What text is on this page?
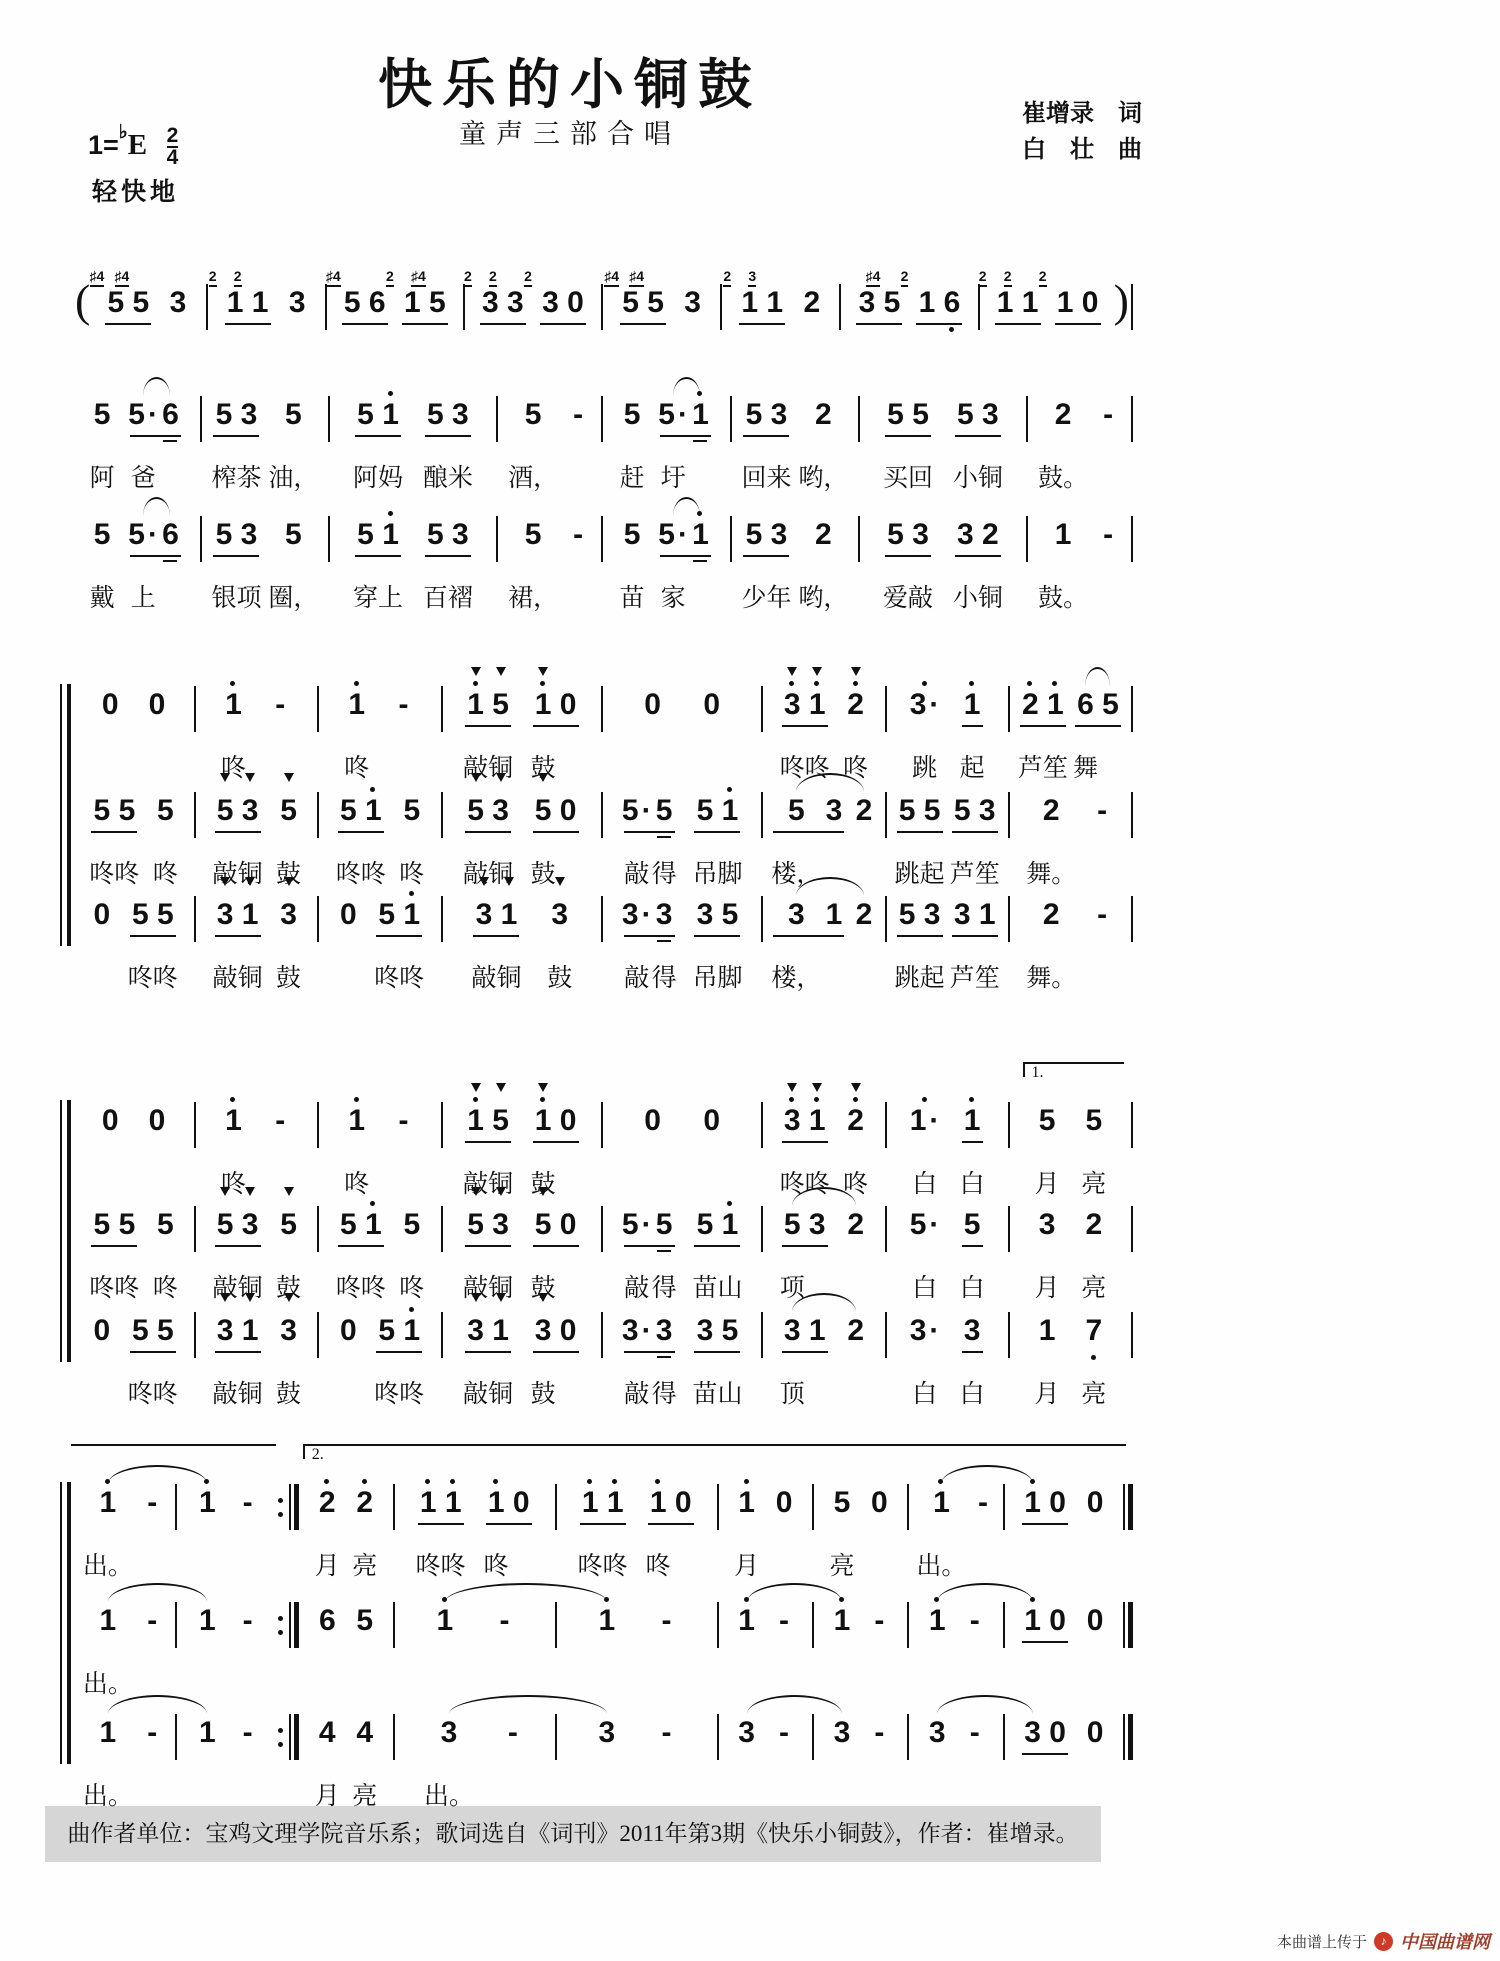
快乐的小铜鼓
童声三部合唱
崔增录　词
白　壮　曲
$1=^♭E \frac{2}{4}$
轻快地
曲作者单位：宝鸡文理学院音乐系；歌词选自《词刊》2011年第3期《快乐小铜鼓》，作者：崔增录。
本曲谱上传于	♪ 中国曲谱网
( 5
♯4
5
♯4
3 1
2
1
2
3 5
♯4
6 1
2
5
♯4
3
2
3
2
3
2
0 5
♯4
5
♯4
3 1
2
1
3
2 3 5
♯4
1
2
6 1
2
1
2
1
2
0 )
5
阿
5 ·
爸
6 5
榨
3
茶
5
油，
5
阿
1
妈
5
酿
3
米
5
酒，
- 5
赶
5 ·
圩
1 5
回
3
来
2
哟，
5
买
5
回
5
小
3
铜
2
鼓。
-
5
戴
5 ·
上
6 5
银
3
项
5
圈，
5
穿
1
上
5
百
3
褶
5
裙，
- 5
苗
5 ·
家
1 5
少
3
年
2
哟，
5
爱
3
敲
3
小
2
铜
1
鼓。
-
0 0 1
咚
- 1
咚
- 1
敲
5
铜
1
鼓
0 0 0 3
咚
1
咚
2
咚
3 ·
跳
1
起
2
芦
1
笙
6
舞
5
5
咚
5
咚
5
咚
5
敲
3
铜
5
鼓
5
咚
1
咚
5
咚
5
敲
3
铜
5
鼓
0 5 ·
敲
5
得
5
吊
1
脚
5
楼，
3 2 5
跳
5
起
5
芦
3
笙
2
舞。
-
0 5
咚
5
咚
3
敲
1
铜
3
鼓
0 5
咚
1
咚
3
敲
1
铜
3
鼓
3 ·
敲
3
得
3
吊
5
脚
3
楼，
1 2 5
跳
3
起
3
芦
1
笙
2
舞。
-
0 0 1
咚
- 1
咚
- 1
敲
5
铜
1
鼓
0 0 0 3
咚
1
咚
2
咚
1 ·
白
1
白
5
月
5
亮
1.
5
咚
5
咚
5
咚
5
敲
3
铜
5
鼓
5
咚
1
咚
5
咚
5
敲
3
铜
5
鼓
0 5 ·
敲
5
得
5
苗
1
山
5
项
3 2 5 ·
白
5
白
3
月
2
亮
0 5
咚
5
咚
3
敲
1
铜
3
鼓
0 5
咚
1
咚
3
敲
1
铜
3
鼓
0 3 ·
敲
3
得
3
苗
5
山
3
顶
1 2 3 ·
白
3
白
1
月
7
亮
1
出。
- 1 - 2
月
2
亮
1
咚
1
咚
1
咚
0 1
咚
1
咚
1
咚
0 1
月
0 5
亮
0 1
出。
- 1 0 0
2.
1
出。
- 1 - 6 5 1 -	1 - 1 - 1 - 1 - 1 0 0
1
出。
- 1 - 4
月
4
亮
3
出。
-	3 - 3 - 3 - 3 - 3 0 0
